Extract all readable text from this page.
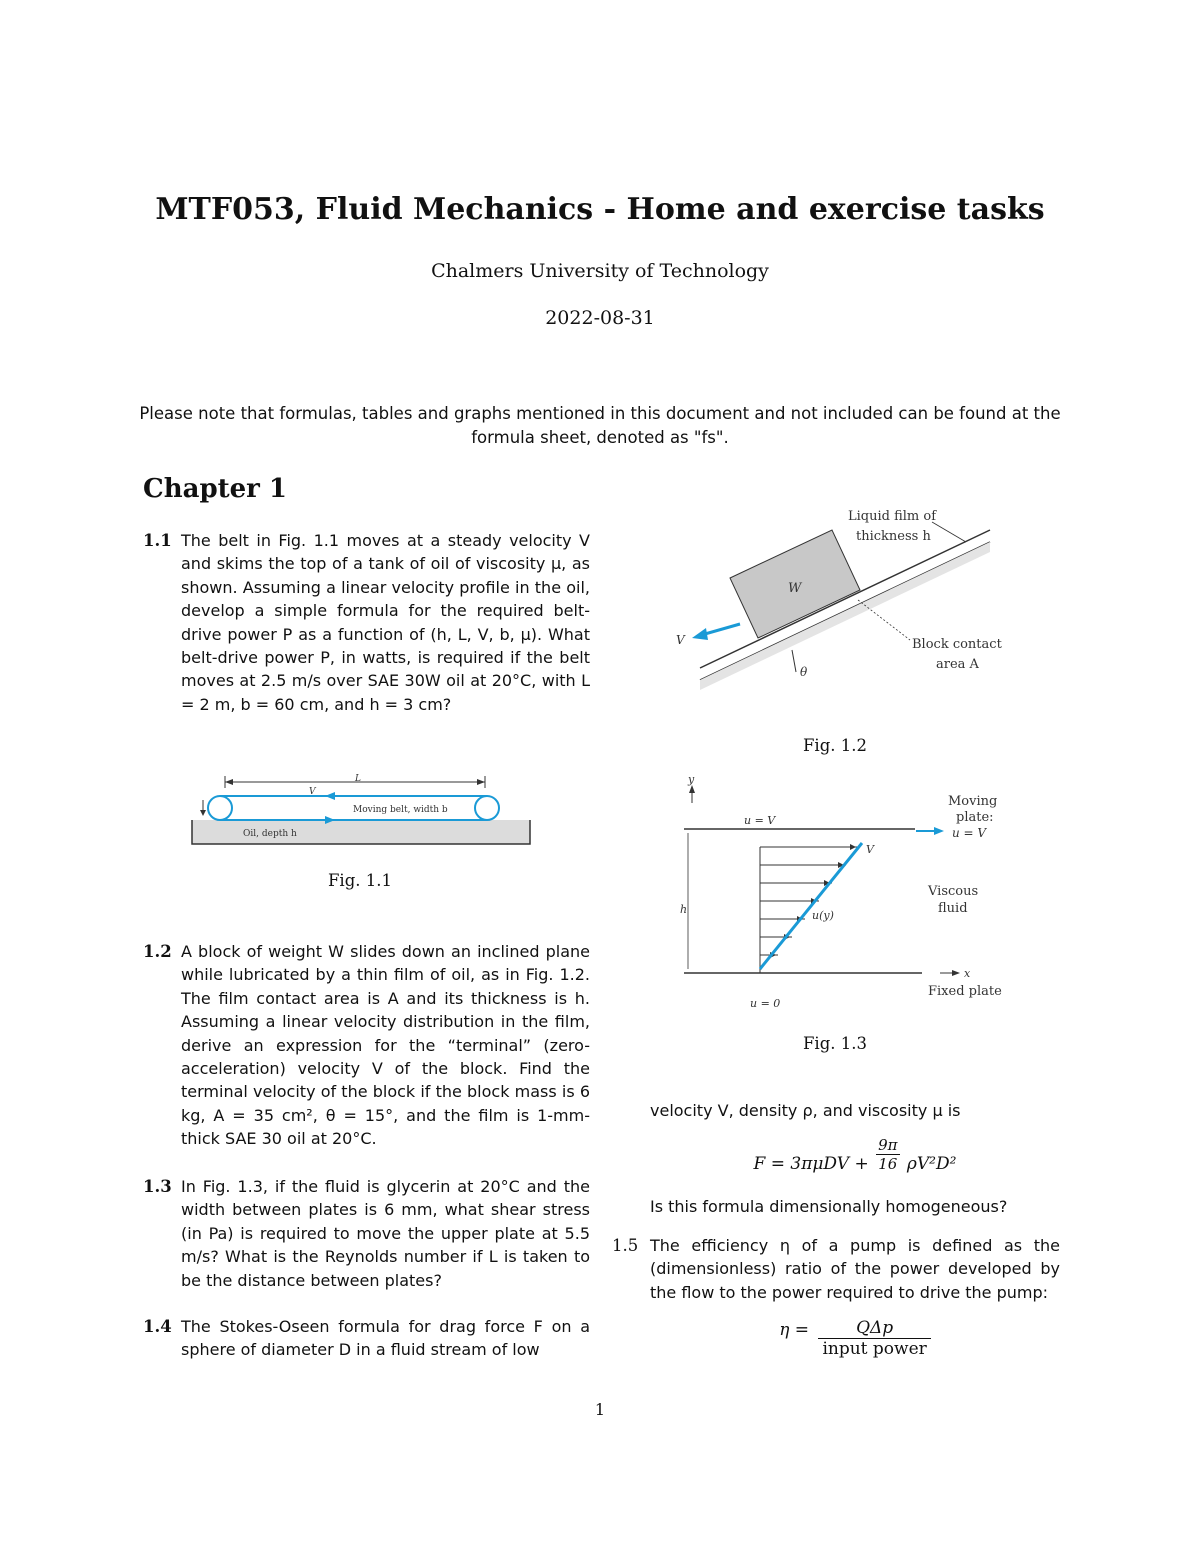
MTF053, Fluid Mechanics - Home and exercise tasks
Chalmers University of Technology
2022-08-31
Please note that formulas, tables and graphs mentioned in this document and not included can be found at the formula sheet, denoted as "fs".
Chapter 1
1.1 The belt in Fig. 1.1 moves at a steady velocity V and skims the top of a tank of oil of viscosity μ, as shown. Assuming a linear velocity profile in the oil, develop a simple formula for the required belt-drive power P as a function of (h, L, V, b, μ). What belt-drive power P, in watts, is required if the belt moves at 2.5 m/s over SAE 30W oil at 20°C, with L = 2 m, b = 60 cm, and h = 3 cm?
L
V
Moving belt, width b
Oil, depth h
Fig. 1.1
1.2 A block of weight W slides down an inclined plane while lubricated by a thin film of oil, as in Fig. 1.2. The film contact area is A and its thickness is h. Assuming a linear velocity distribution in the film, derive an expression for the “terminal” (zero-acceleration) velocity V of the block. Find the terminal velocity of the block if the block mass is 6 kg, A = 35 cm², θ = 15°, and the film is 1-mm-thick SAE 30 oil at 20°C.
1.3 In Fig. 1.3, if the fluid is glycerin at 20°C and the width between plates is 6 mm, what shear stress (in Pa) is required to move the upper plate at 5.5 m/s? What is the Reynolds number if L is taken to be the distance between plates?
1.4 The Stokes-Oseen formula for drag force F on a sphere of diameter D in a fluid stream of low
Liquid film of
thickness h
W
V
θ
Block contact
area A
Fig. 1.2
y
u = V
Moving
plate:
u = V
V
Viscous
fluid
h	u(y)
x
Fixed plate
u = 0
Fig. 1.3
velocity V, density ρ, and viscosity μ is
$F = 3\pi\mu DV + \frac{9\pi}{16} \rho V^2D^2$
Is this formula dimensionally homogeneous?
1.5 The efficiency η of a pump is defined as the (dimensionless) ratio of the power developed by the flow to the power required to drive the pump:
η =	QΔp
input power
1
